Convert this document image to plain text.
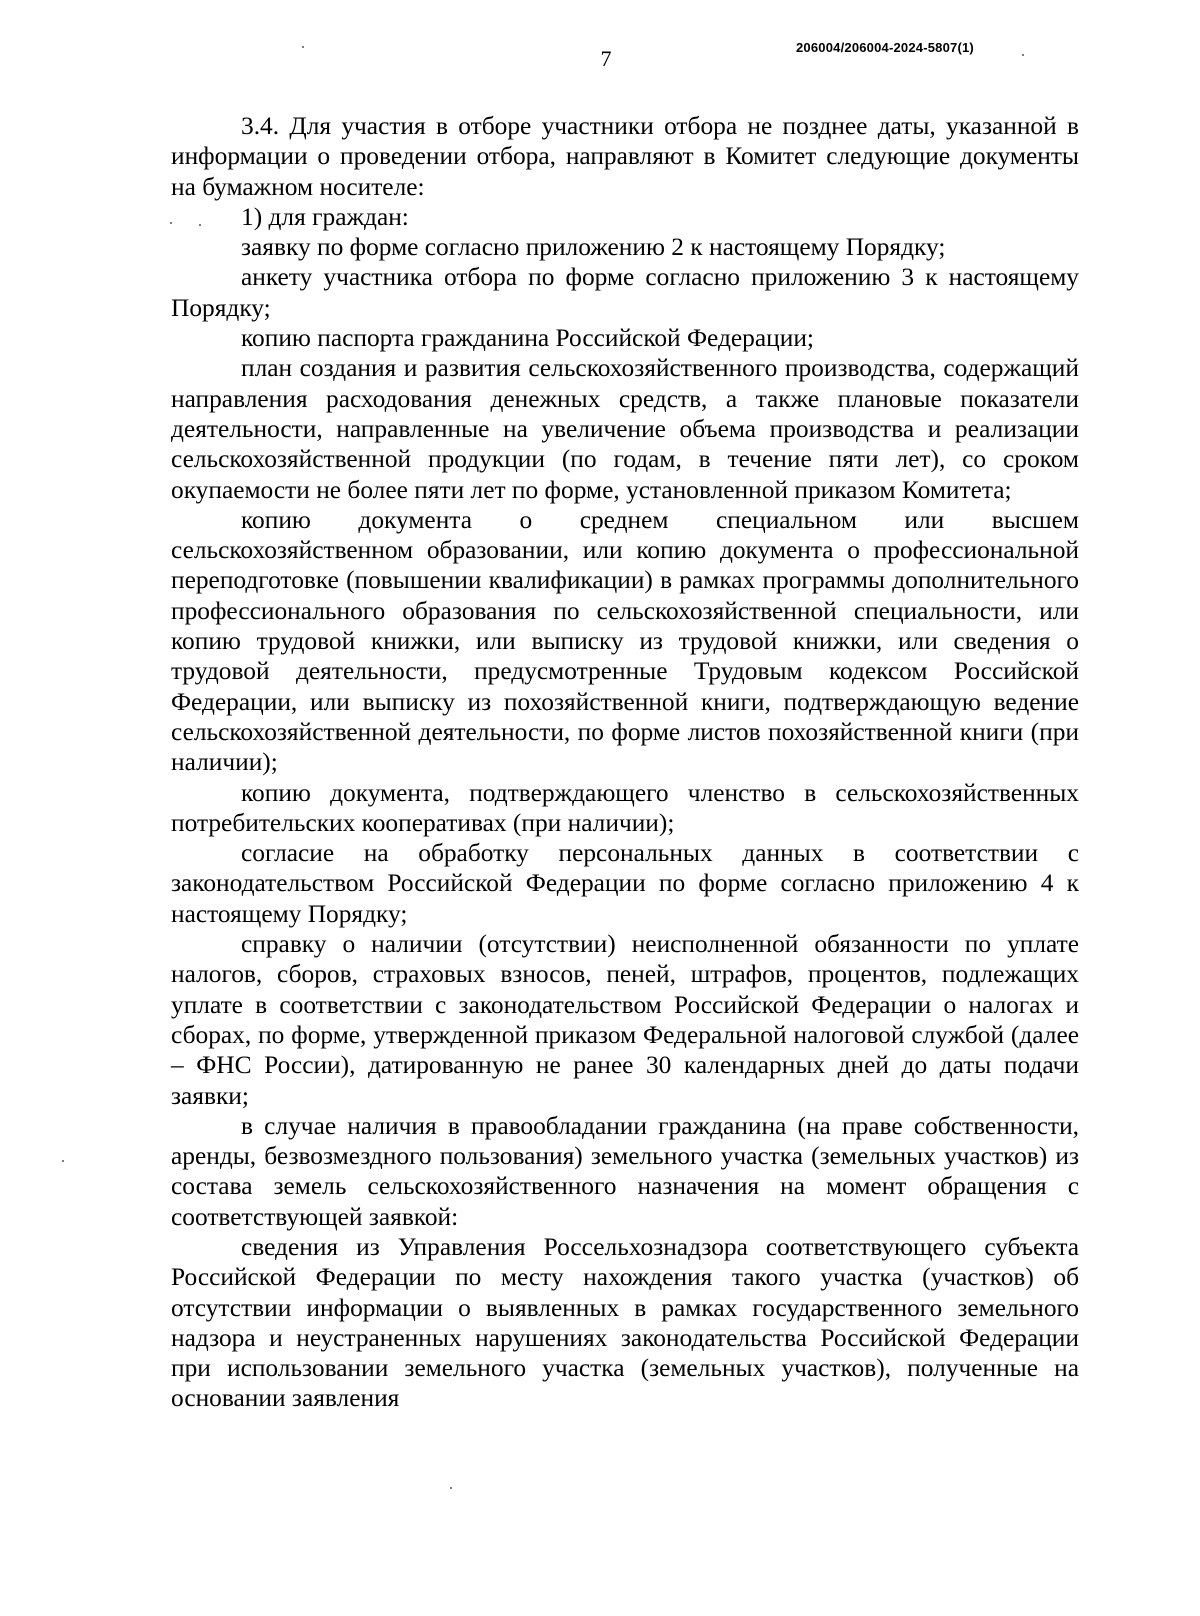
7	206004/206004-2024-5807(1)

3.4. Для участия в отборе участники отбора не позднее даты, указанной в информации о проведении отбора, направляют в Комитет следующие документы на бумажном носителе:

1) для граждан:

заявку по форме согласно приложению 2 к настоящему Порядку;

анкету участника отбора по форме согласно приложению 3 к настоящему Порядку;

копию паспорта гражданина Российской Федерации;

план создания и развития сельскохозяйственного производства, содержащий направления расходования денежных средств, а также плановые показатели деятельности, направленные на увеличение объема производства и реализации сельскохозяйственной продукции (по годам, в течение пяти лет), со сроком окупаемости не более пяти лет по форме, установленной приказом Комитета;

копию документа о среднем специальном или высшем сельскохозяйственном образовании, или копию документа о профессиональной переподготовке (повышении квалификации) в рамках программы дополнительного профессионального образования по сельскохозяйственной специальности, или копию трудовой книжки, или выписку из трудовой книжки, или сведения о трудовой деятельности, предусмотренные Трудовым кодексом Российской Федерации, или выписку из похозяйственной книги, подтверждающую ведение сельскохозяйственной деятельности, по форме листов похозяйственной книги (при наличии);

копию документа, подтверждающего членство в сельскохозяйственных потребительских кооперативах (при наличии);

согласие на обработку персональных данных в соответствии с законодательством Российской Федерации по форме согласно приложению 4 к настоящему Порядку;

справку о наличии (отсутствии) неисполненной обязанности по уплате налогов, сборов, страховых взносов, пеней, штрафов, процентов, подлежащих уплате в соответствии с законодательством Российской Федерации о налогах и сборах, по форме, утвержденной приказом Федеральной налоговой службой (далее – ФНС России), датированную не ранее 30 календарных дней до даты подачи заявки;

в случае наличия в правообладании гражданина (на праве собственности, аренды, безвозмездного пользования) земельного участка (земельных участков) из состава земель сельскохозяйственного назначения на момент обращения с соответствующей заявкой:

сведения из Управления Россельхознадзора соответствующего субъекта Российской Федерации по месту нахождения такого участка (участков) об отсутствии информации о выявленных в рамках государственного земельного надзора и неустраненных нарушениях законодательства Российской Федерации при использовании земельного участка (земельных участков), полученные на основании заявления
